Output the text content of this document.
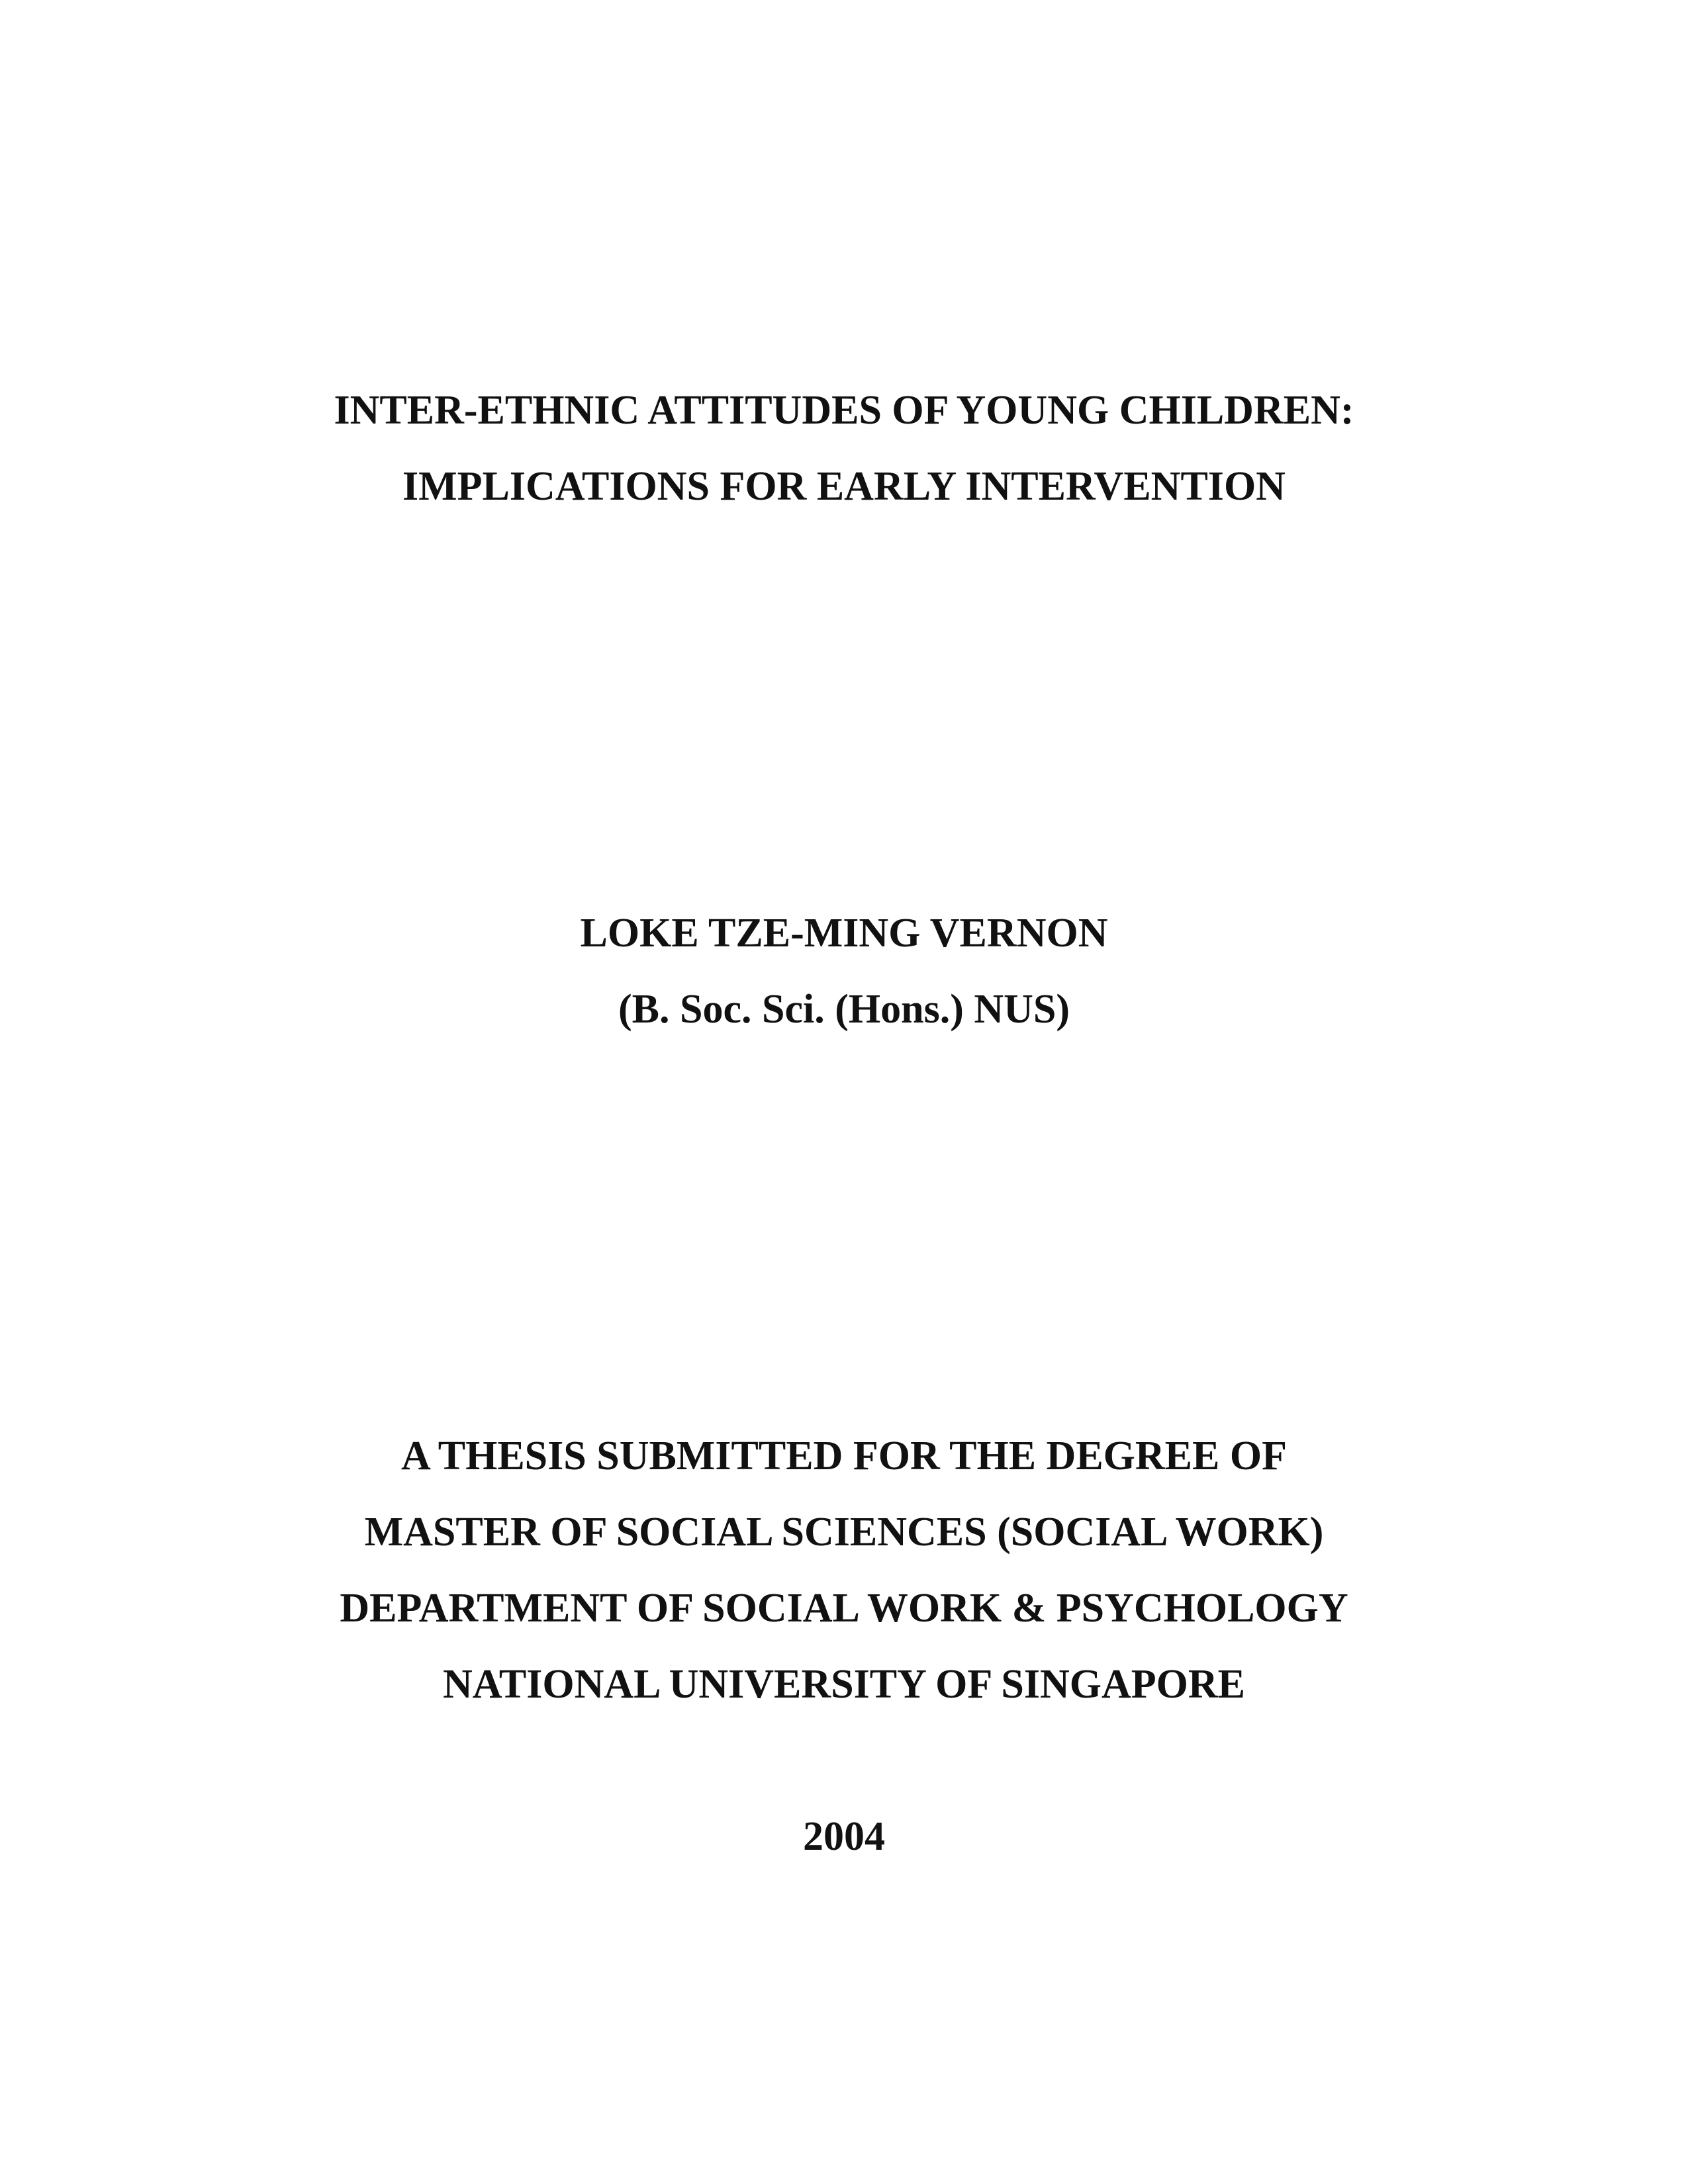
INTER-ETHNIC ATTITUDES OF YOUNG CHILDREN:
IMPLICATIONS FOR EARLY INTERVENTION
LOKE TZE-MING VERNON
(B. Soc. Sci. (Hons.) NUS)
A THESIS SUBMITTED FOR THE DEGREE OF
MASTER OF SOCIAL SCIENCES (SOCIAL WORK)
DEPARTMENT OF SOCIAL WORK & PSYCHOLOGY
NATIONAL UNIVERSITY OF SINGAPORE
2004
